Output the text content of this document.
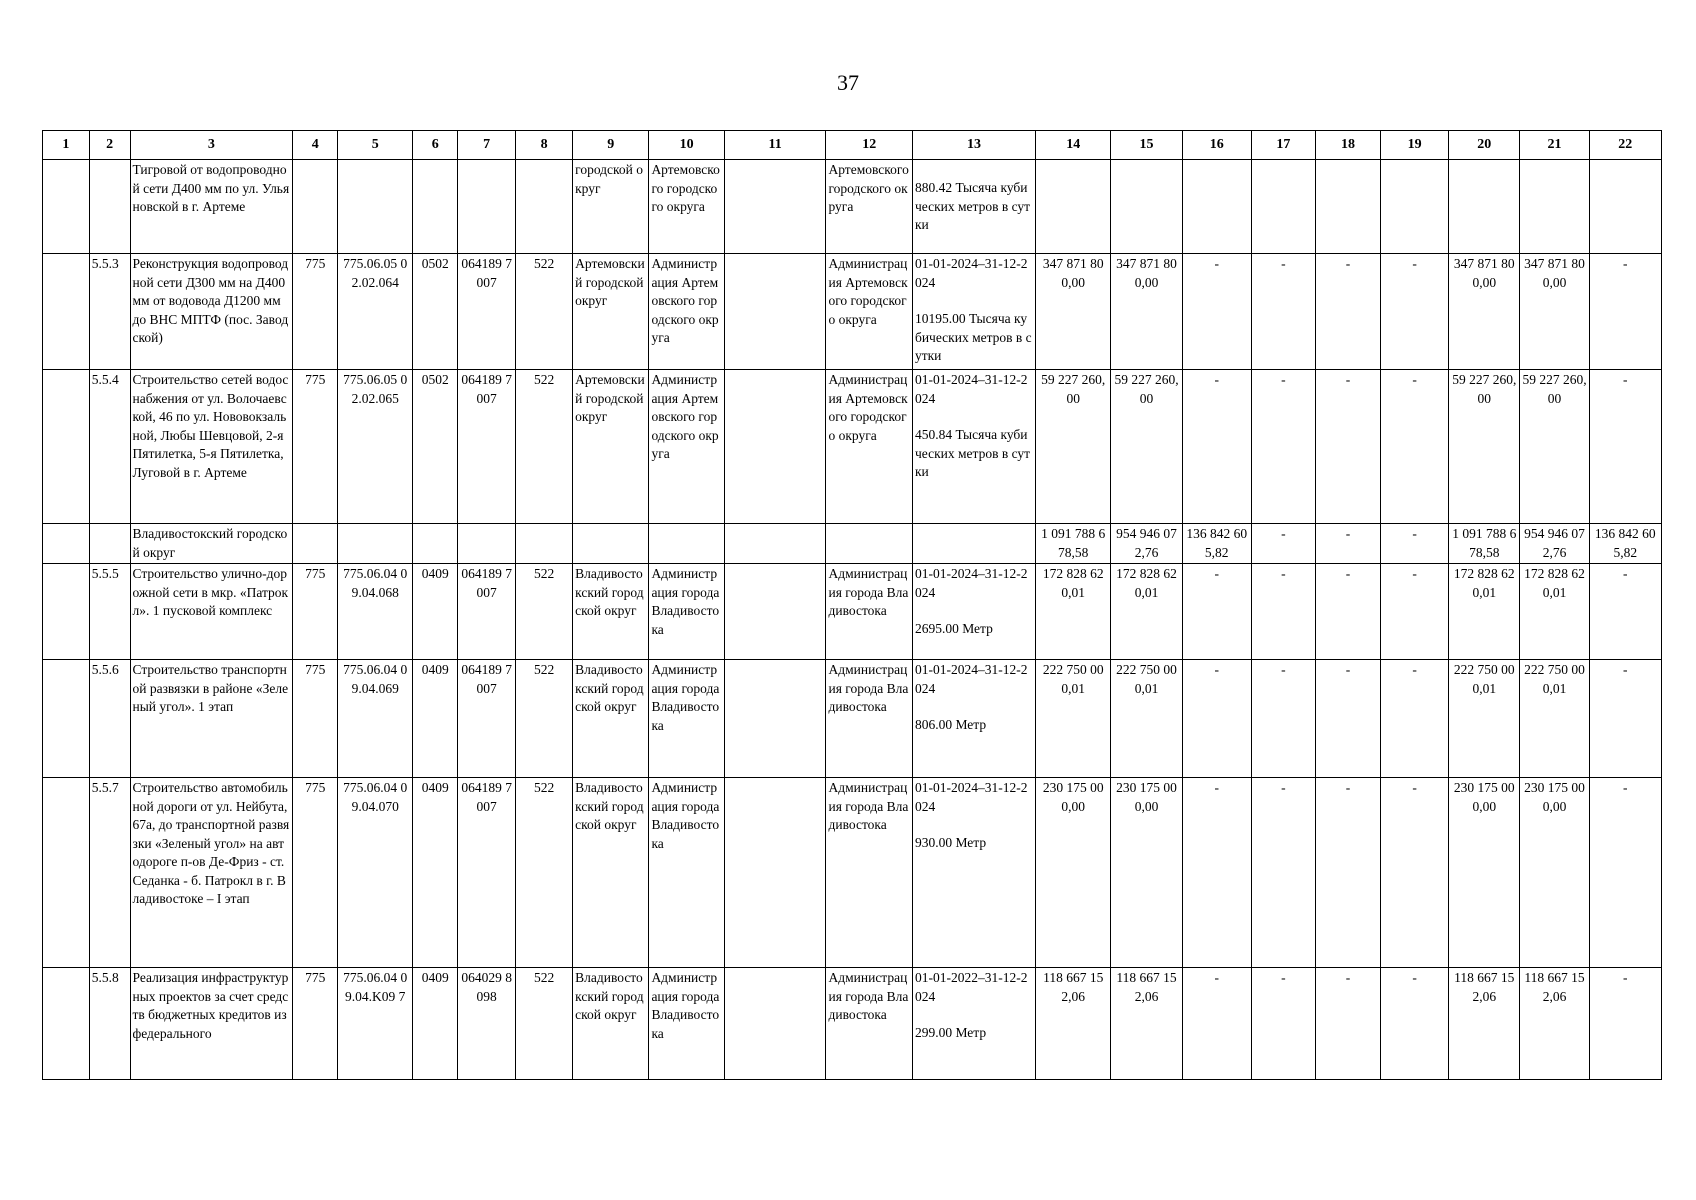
37
1	2	3	4	5	6	7	8	9	10	11	12	13	14	15	16	17	18	19	20	21	22
		Тигровой от водопроводной сети Д400 мм по ул. Ульяновской в г. Артеме						городской округ	Артемовского городского округа		Артемовского городского округа	880.42 Тысяча кубических метров в сутки									

	5.5.3	Реконструкция водопроводной сети Д300 мм на Д400 мм от водовода Д1200 мм до ВНС МПТФ (пос. Заводской)	775	775.06.05 02.02.064	0502	064189 7007	522	Артемовский городской округ	Администрация Артемовского городского округа		Администрация Артемовского городского округа	01-01-2024–31-12-2024
10195.00 Тысяча кубических метров в сутки	347 871 800,00	347 871 800,00	-	-	-	-	347 871 800,00	347 871 800,00	-
	5.5.4	Строительство сетей водоснабжения от ул. Волочаевской, 46 по ул. Нововокзальной, Любы Шевцовой, 2-я Пятилетка, 5-я Пятилетка, Луговой в г. Артеме	775	775.06.05 02.02.065	0502	064189 7007	522	Артемовский городской округ	Администрация Артемовского городского округа		Администрация Артемовского городского округа	01-01-2024–31-12-2024
450.84 Тысяча кубических метров в сутки	59 227 260,00	59 227 260,00	-	-	-	-	59 227 260,00	59 227 260,00	-
		Владивостокский городской округ											1 091 788 678,58	954 946 072,76	136 842 605,82	-	-	-	1 091 788 678,58	954 946 072,76	136 842 605,82
	5.5.5	Строительство улично-дорожной сети в мкр. «Патрокл». 1 пусковой комплекс	775	775.06.04 09.04.068	0409	064189 7007	522	Владивостокский городской округ	Администрация города Владивостока		Администрация города Владивостока	01-01-2024–31-12-2024
2695.00 Метр	172 828 620,01	172 828 620,01	-	-	-	-	172 828 620,01	172 828 620,01	-
	5.5.6	Строительство транспортной развязки в районе «Зеленый угол». 1 этап	775	775.06.04 09.04.069	0409	064189 7007	522	Владивостокский городской округ	Администрация города Владивостока		Администрация города Владивостока	01-01-2024–31-12-2024
806.00 Метр	222 750 000,01	222 750 000,01	-	-	-	-	222 750 000,01	222 750 000,01	-
	5.5.7	Строительство автомобильной дороги от ул. Нейбута, 67а, до транспортной развязки «Зеленый угол» на автодороге п-ов Де-Фриз - ст. Седанка - б. Патрокл в г. Владивостоке – I этап	775	775.06.04 09.04.070	0409	064189 7007	522	Владивостокский городской округ	Администрация города Владивостока		Администрация города Владивостока	01-01-2024–31-12-2024
930.00 Метр	230 175 000,00	230 175 000,00	-	-	-	-	230 175 000,00	230 175 000,00	-
	5.5.8	Реализация инфраструктурных проектов за счет средств бюджетных кредитов из федерального	775	775.06.04 09.04.K09 7	0409	064029 8098	522	Владивостокский городской округ	Администрация города Владивостока		Администрация города Владивостока	01-01-2022–31-12-2024
299.00 Метр	118 667 152,06	118 667 152,06	-	-	-	-	118 667 152,06	118 667 152,06	-
